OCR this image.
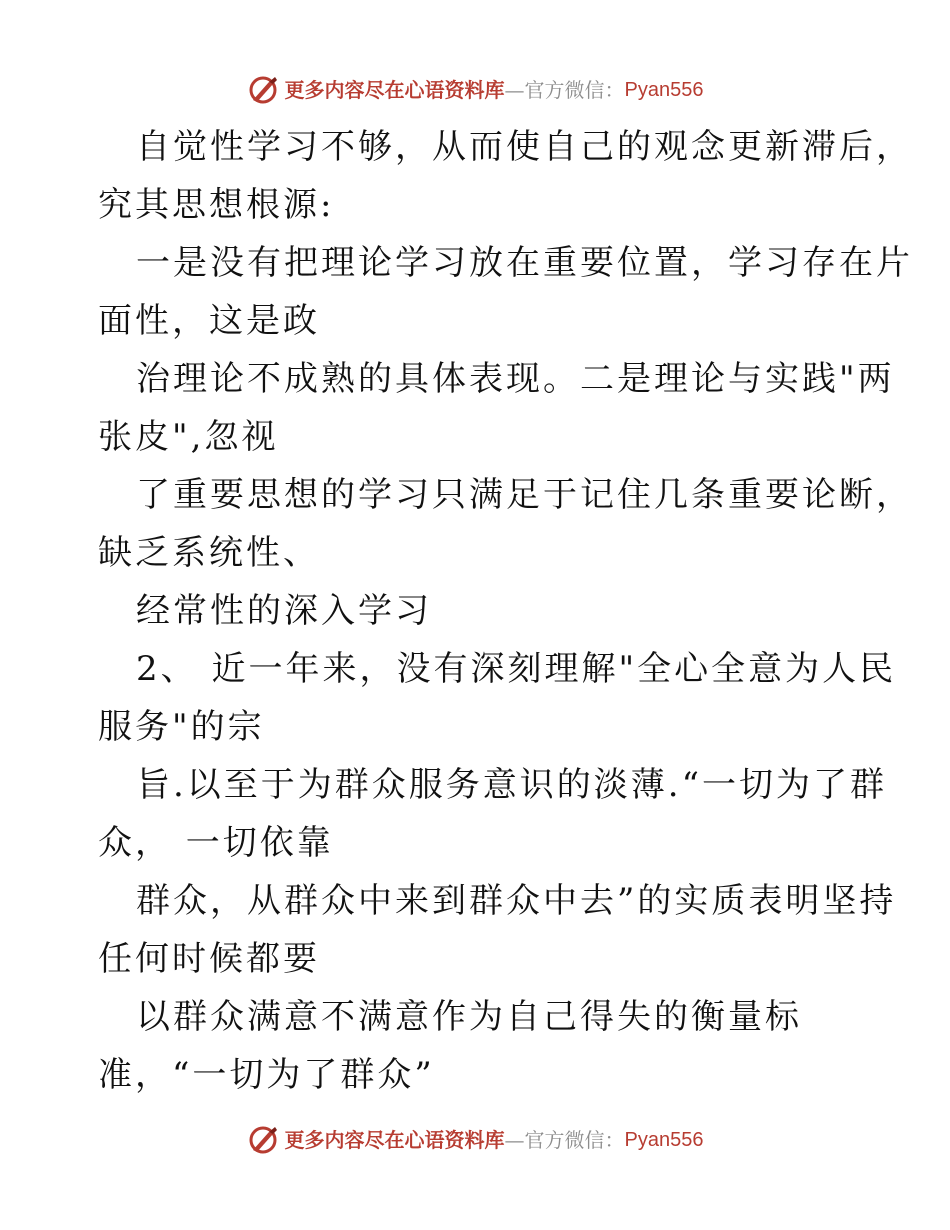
更多内容尽在心语资料库 — 官方微信： Pyan556
自觉性学习不够，从而使自己的观念更新滞后，
究其思想根源:
一是没有把理论学习放在重要位置，学习存在片
面性，这是政
治理论不成熟的具体表现。二是理论与实践"两
张皮",忽视
了重要思想的学习只满足于记住几条重要论断，
缺乏系统性、
经常性的深入学习
2、 近一年来，没有深刻理解"全心全意为人民
服务"的宗
旨.以至于为群众服务意识的淡薄.“一切为了群
众， 一切依靠
群众，从群众中来到群众中去”的实质表明坚持
任何时候都要
以群众满意不满意作为自己得失的衡量标
准，“一切为了群众”
更多内容尽在心语资料库 — 官方微信： Pyan556
